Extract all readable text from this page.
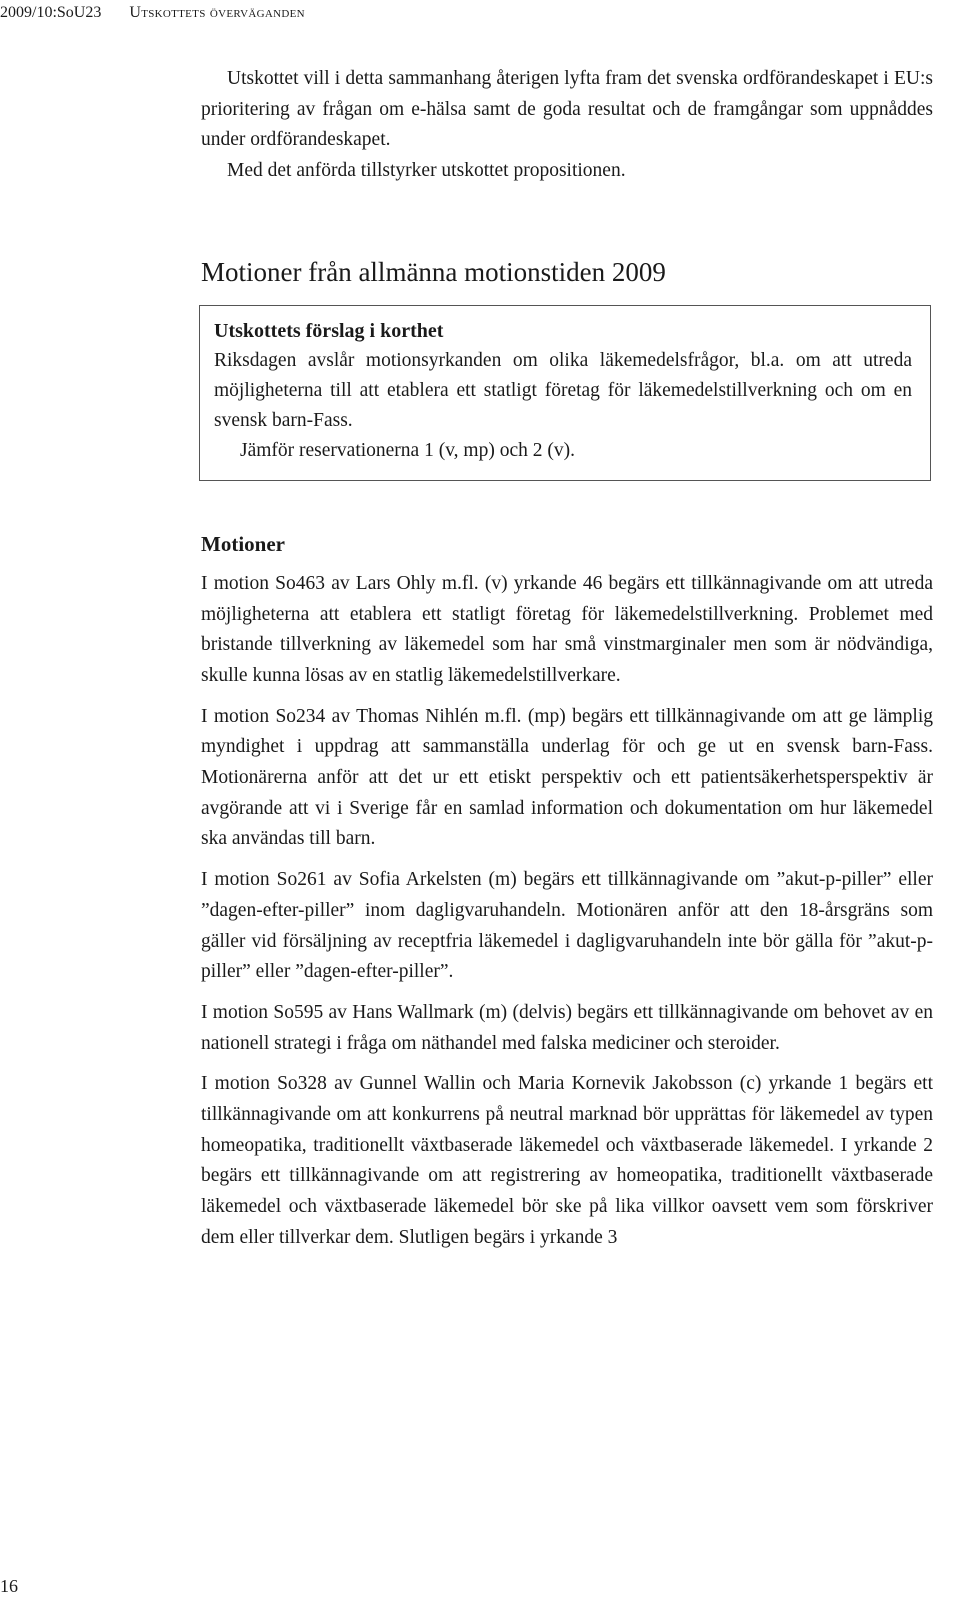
2009/10:SoU23 Utskottets överväganden

Utskottet vill i detta sammanhang återigen lyfta fram det svenska ordförandeskapet i EU:s prioritering av frågan om e-hälsa samt de goda resultat och de framgångar som uppnåddes under ordförandeskapet.

Med det anförda tillstyrker utskottet propositionen.

Motioner från allmänna motionstiden 2009

Utskottets förslag i korthet

Riksdagen avslår motionsyrkanden om olika läkemedelsfrågor, bl.a. om att utreda möjligheterna till att etablera ett statligt företag för läkemedelstillverkning och om en svensk barn-Fass.

Jämför reservationerna 1 (v, mp) och 2 (v).

Motioner

I motion So463 av Lars Ohly m.fl. (v) yrkande 46 begärs ett tillkännagivande om att utreda möjligheterna att etablera ett statligt företag för läkemedelstillverkning. Problemet med bristande tillverkning av läkemedel som har små vinstmarginaler men som är nödvändiga, skulle kunna lösas av en statlig läkemedelstillverkare.

I motion So234 av Thomas Nihlén m.fl. (mp) begärs ett tillkännagivande om att ge lämplig myndighet i uppdrag att sammanställa underlag för och ge ut en svensk barn-Fass. Motionärerna anför att det ur ett etiskt perspektiv och ett patientsäkerhetsperspektiv är avgörande att vi i Sverige får en samlad information och dokumentation om hur läkemedel ska användas till barn.

I motion So261 av Sofia Arkelsten (m) begärs ett tillkännagivande om ”akut-p-piller” eller ”dagen-efter-piller” inom dagligvaruhandeln. Motionären anför att den 18-årsgräns som gäller vid försäljning av receptfria läkemedel i dagligvaruhandeln inte bör gälla för ”akut-p-piller” eller ”dagen-efter-piller”.

I motion So595 av Hans Wallmark (m) (delvis) begärs ett tillkännagivande om behovet av en nationell strategi i fråga om näthandel med falska mediciner och steroider.

I motion So328 av Gunnel Wallin och Maria Kornevik Jakobsson (c) yrkande 1 begärs ett tillkännagivande om att konkurrens på neutral marknad bör upprättas för läkemedel av typen homeopatika, traditionellt växtbaserade läkemedel och växtbaserade läkemedel. I yrkande 2 begärs ett tillkännagivande om att registrering av homeopatika, traditionellt växtbaserade läkemedel och växtbaserade läkemedel bör ske på lika villkor oavsett vem som förskriver dem eller tillverkar dem. Slutligen begärs i yrkande 3

16
